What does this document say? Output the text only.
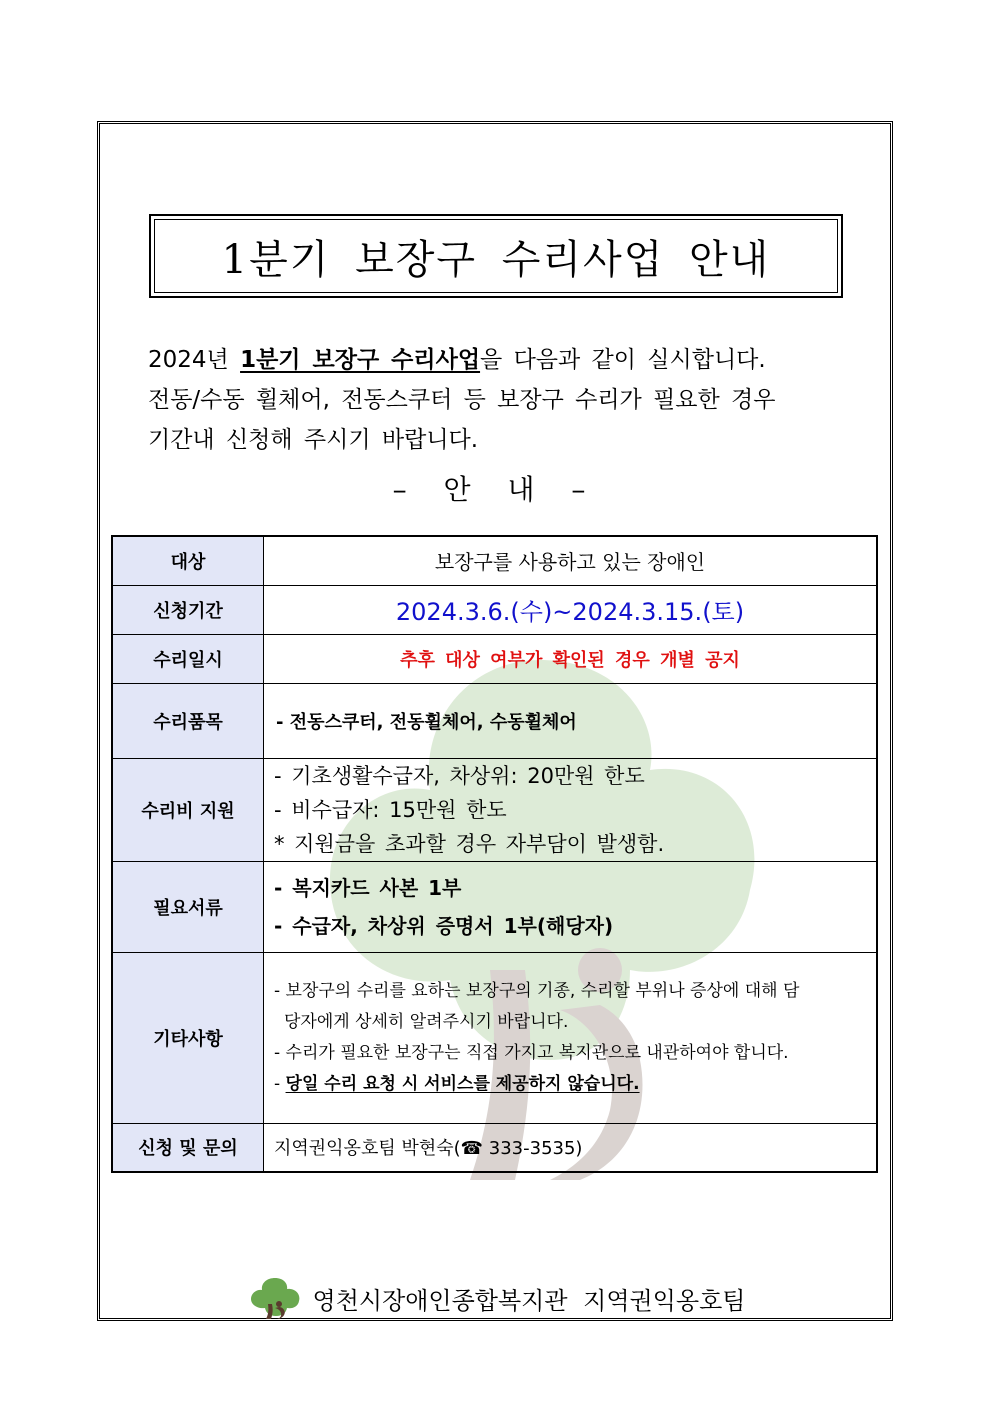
1분기 보장구 수리사업 안내

2024년 1분기 보장구 수리사업을 다음과 같이 실시합니다.

전동/수동 휠체어, 전동스쿠터 등 보장구 수리가 필요한 경우

기간내 신청해 주시기 바랍니다.

– 안 내 –
대상	보장구를 사용하고 있는 장애인
신청기간	2024.3.6.(수)~2024.3.15.(토)
수리일시	추후 대상 여부가 확인된 경우 개별 공지
수리품목	- 전동스쿠터, 전동휠체어, 수동휠체어
수리비 지원	- 기초생활수급자, 차상위: 20만원 한도
- 비수급자: 15만원 한도
* 지원금을 초과할 경우 자부담이 발생함.

필요서류	- 복지카드 사본 1부
- 수급자, 차상위 증명서 1부(해당자)

기타사항	- 보장구의 수리를 요하는 보장구의 기종, 수리할 부위나 증상에 대해 담
당자에게 상세히 알려주시기 바랍니다.
- 수리가 필요한 보장구는 직접 가지고 복지관으로 내관하여야 합니다.
- 당일 수리 요청 시 서비스를 제공하지 않습니다.

신청 및 문의	지역권익옹호팀 박현숙(☎ 333-3535)
영천시장애인종합복지관 지역권익옹호팀
